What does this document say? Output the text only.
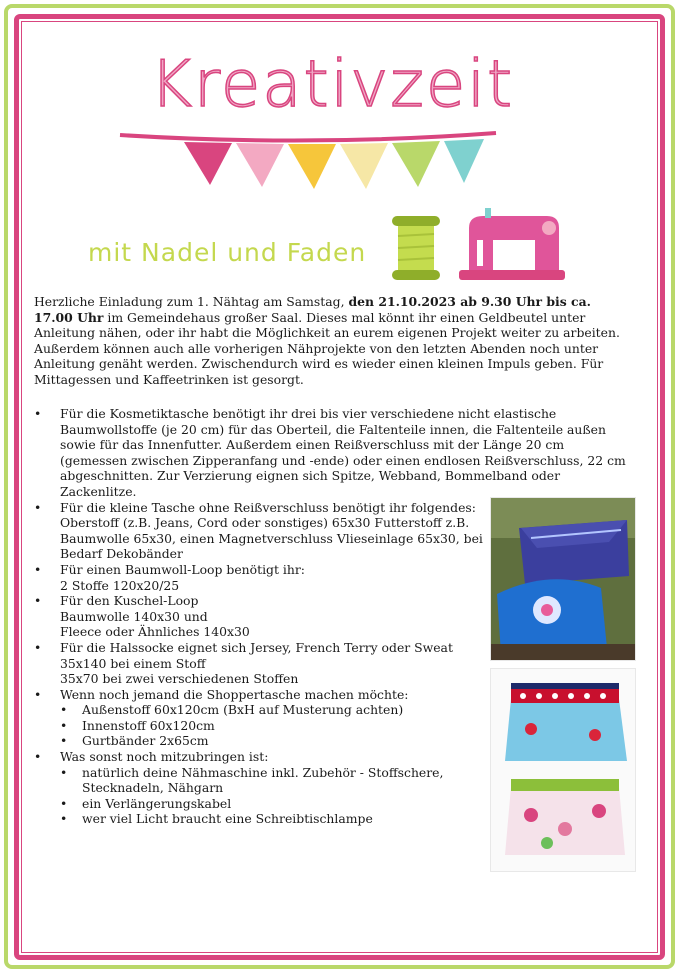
Kreativzeit
mit Nadel und Faden
Herzliche Einladung zum 1. Nähtag am Samstag, den 21.10.2023 ab 9.30 Uhr bis ca. 17.00 Uhr im Gemeindehaus großer Saal. Dieses mal könnt ihr einen Geldbeutel unter Anleitung nähen, oder ihr habt die Möglichkeit an eurem eigenen Projekt weiter zu arbeiten. Außerdem können auch alle vorherigen Nähprojekte von den letzten Abenden noch unter Anleitung genäht werden. Zwischendurch wird es wieder einen kleinen Impuls geben. Für Mittagessen und Kaffeetrinken ist gesorgt.
• Für die Kosmetiktasche benötigt ihr drei bis vier verschiedene nicht elastische Baumwollstoffe (je 20 cm) für das Oberteil, die Faltenteile innen, die Faltenteile außen sowie für das Innenfutter. Außerdem einen Reißverschluss mit der Länge 20 cm (gemessen zwischen Zipperanfang und -ende) oder einen endlosen Reißverschluss, 22 cm abgeschnitten. Zur Verzierung eignen sich Spitze, Webband, Bommelband oder Zackenlitze.
• Für die kleine Tasche ohne Reißverschluss benötigt ihr folgendes:
Oberstoff (z.B. Jeans, Cord oder sonstiges) 65x30 Futterstoff z.B. Baumwolle 65x30, einen Magnetverschluss Vlieseinlage 65x30, bei Bedarf Dekobänder
• Für einen Baumwoll-Loop benötigt ihr:
2 Stoffe 120x20/25
• Für den Kuschel-Loop
Baumwolle 140x30 und
Fleece oder Ähnliches 140x30
• Für die Halssocke eignet sich Jersey, French Terry oder Sweat
35x140 bei einem Stoff
35x70 bei zwei verschiedenen Stoffen
• Wenn noch jemand die Shoppertasche machen möchte:
• Außenstoff 60x120cm (BxH auf Musterung achten)
• Innenstoff 60x120cm
• Gurtbänder 2x65cm
• Was sonst noch mitzubringen ist:
• natürlich deine Nähmaschine inkl. Zubehör - Stoffschere, Stecknadeln, Nähgarn
• ein Verlängerungskabel
• wer viel Licht braucht eine Schreibtischlampe
